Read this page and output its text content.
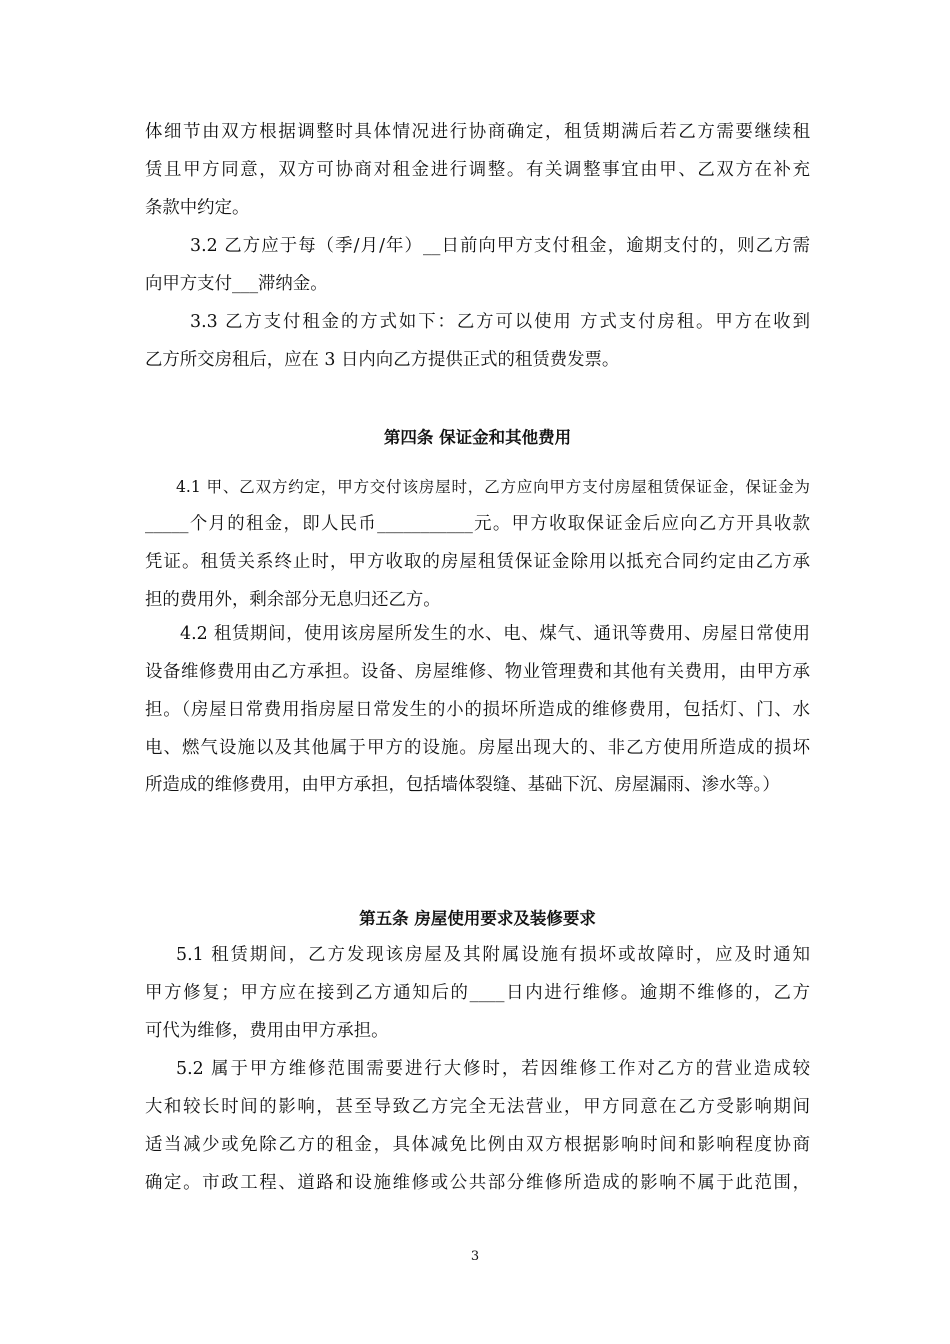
体细节由双方根据调整时具体情况进行协商确定，租赁期满后若乙方需要继续租
赁且甲方同意，双方可协商对租金进行调整。有关调整事宜由甲、乙双方在补充
条款中约定。
3.2 乙方应于每（季/月/年）__日前向甲方支付租金，逾期支付的，则乙方需
向甲方支付___滞纳金。
3.3 乙方支付租金的方式如下：乙方可以使用 方式支付房租。甲方在收到
乙方所交房租后，应在 3 日内向乙方提供正式的租赁费发票。
第四条 保证金和其他费用
4.1 甲、乙双方约定，甲方交付该房屋时，乙方应向甲方支付房屋租赁保证金，保证金为
_____个月的租金，即人民币___________元。甲方收取保证金后应向乙方开具收款
凭证。租赁关系终止时，甲方收取的房屋租赁保证金除用以抵充合同约定由乙方承
担的费用外，剩余部分无息归还乙方。
4.2 租赁期间，使用该房屋所发生的水、电、煤气、通讯等费用、房屋日常使用
设备维修费用由乙方承担。设备、房屋维修、物业管理费和其他有关费用，由甲方承
担。（房屋日常费用指房屋日常发生的小的损坏所造成的维修费用，包括灯、门、水
电、燃气设施以及其他属于甲方的设施。房屋出现大的、非乙方使用所造成的损坏
所造成的维修费用，由甲方承担，包括墙体裂缝、基础下沉、房屋漏雨、渗水等。）
第五条 房屋使用要求及装修要求
5.1 租赁期间，乙方发现该房屋及其附属设施有损坏或故障时，应及时通知
甲方修复；甲方应在接到乙方通知后的____日内进行维修。逾期不维修的，乙方
可代为维修，费用由甲方承担。
5.2 属于甲方维修范围需要进行大修时，若因维修工作对乙方的营业造成较
大和较长时间的影响，甚至导致乙方完全无法营业，甲方同意在乙方受影响期间
适当减少或免除乙方的租金，具体减免比例由双方根据影响时间和影响程度协商
确定。市政工程、道路和设施维修或公共部分维修所造成的影响不属于此范围，
3
